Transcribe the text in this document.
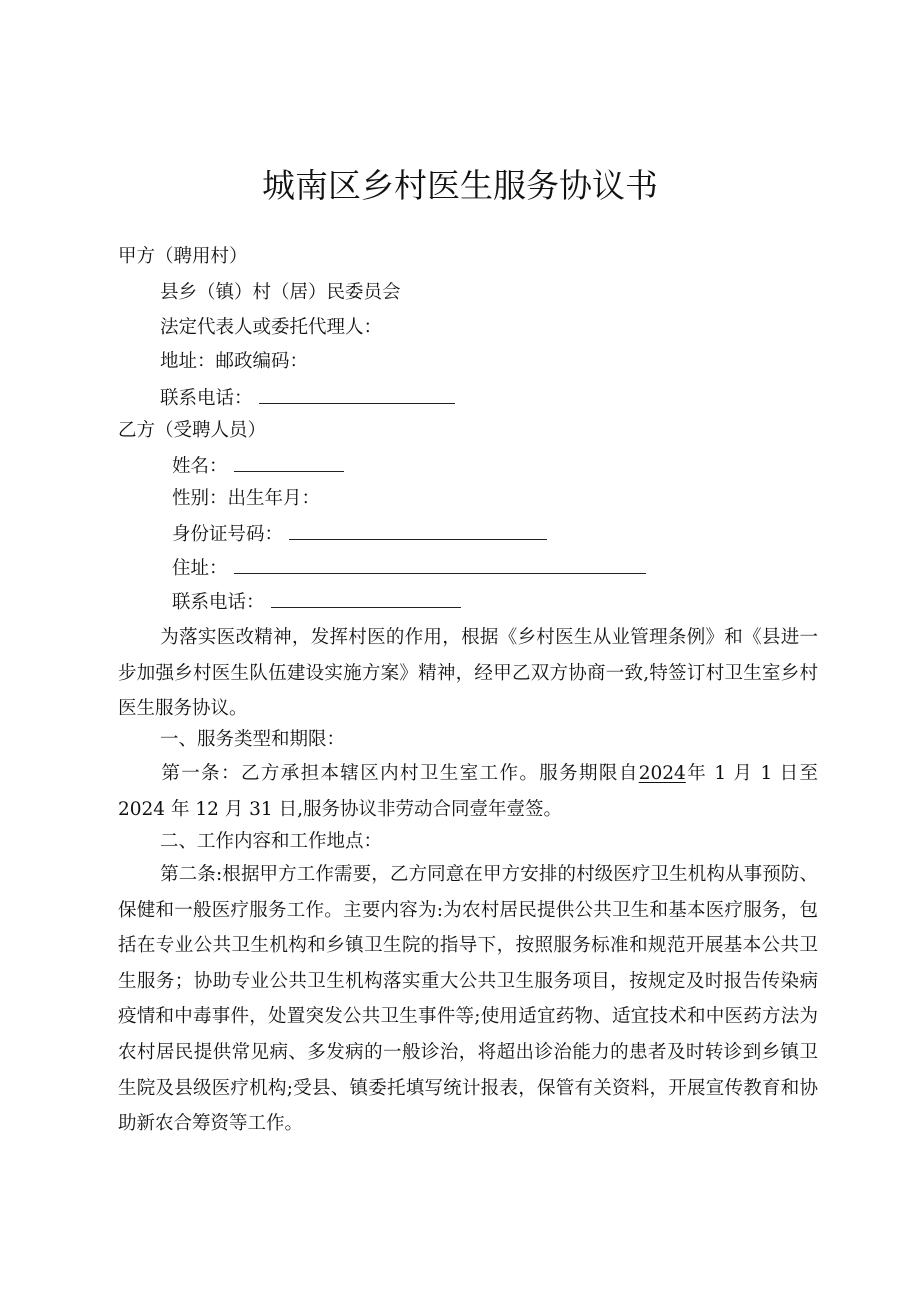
城南区乡村医生服务协议书
甲方（聘用村）
县乡（镇）村（居）民委员会
法定代表人或委托代理人：
地址：邮政编码：
联系电话：
乙方（受聘人员）
姓名：
性别：出生年月：
身份证号码：
住址：
联系电话：
为落实医改精神，发挥村医的作用，根据《乡村医生从业管理条例》和《县进一步加强乡村医生队伍建设实施方案》精神，经甲乙双方协商一致,特签订村卫生室乡村医生服务协议。
一、服务类型和期限：
第一条：乙方承担本辖区内村卫生室工作。服务期限自2024年 1 月 1 日至 2024 年 12 月 31 日,服务协议非劳动合同壹年壹签。
二、工作内容和工作地点：
第二条:根据甲方工作需要，乙方同意在甲方安排的村级医疗卫生机构从事预防、保健和一般医疗服务工作。主要内容为:为农村居民提供公共卫生和基本医疗服务，包括在专业公共卫生机构和乡镇卫生院的指导下，按照服务标准和规范开展基本公共卫生服务；协助专业公共卫生机构落实重大公共卫生服务项目，按规定及时报告传染病疫情和中毒事件，处置突发公共卫生事件等;使用适宜药物、适宜技术和中医药方法为农村居民提供常见病、多发病的一般诊治，将超出诊治能力的患者及时转诊到乡镇卫生院及县级医疗机构;受县、镇委托填写统计报表，保管有关资料，开展宣传教育和协助新农合筹资等工作。
